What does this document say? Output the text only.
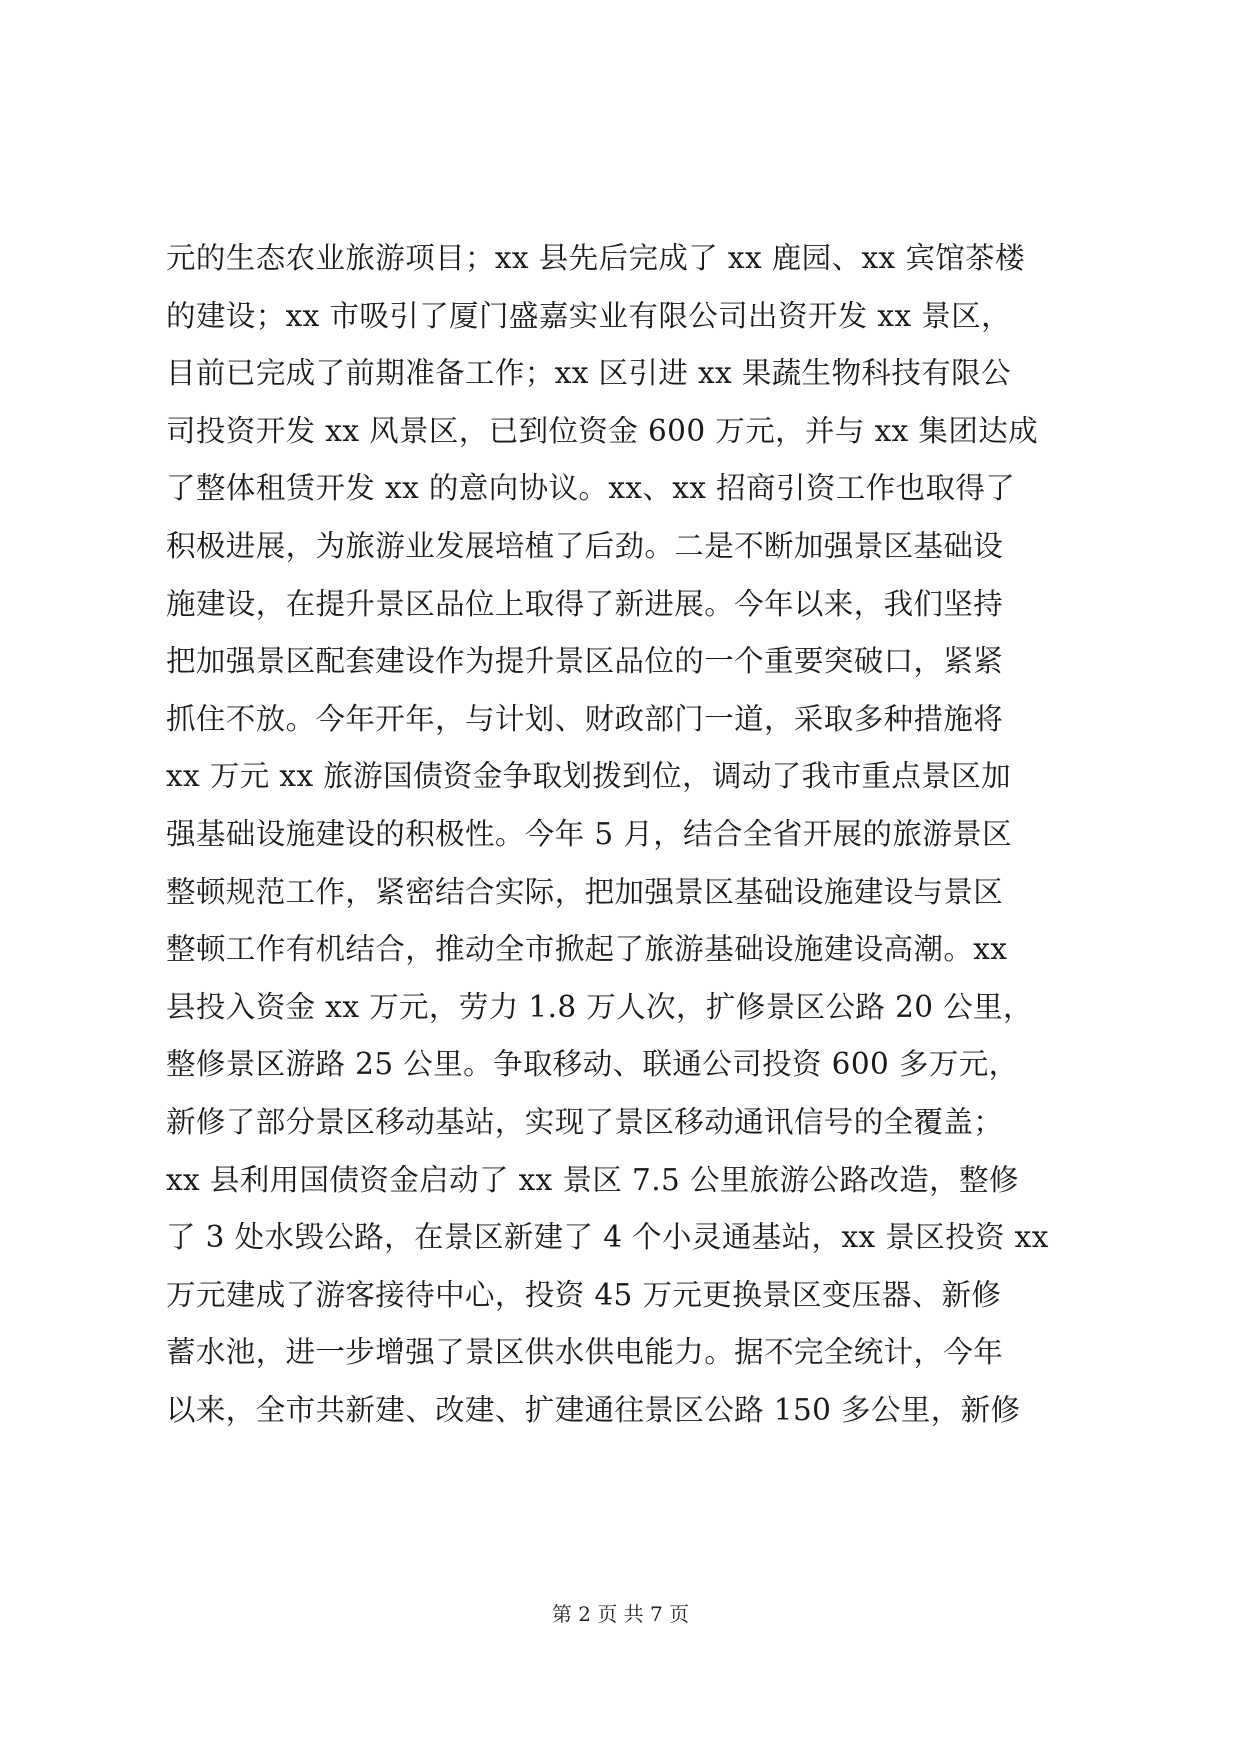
元的生态农业旅游项目；xx 县先后完成了 xx 鹿园、xx 宾馆茶楼
的建设；xx 市吸引了厦门盛嘉实业有限公司出资开发 xx 景区，
目前已完成了前期准备工作；xx 区引进 xx 果蔬生物科技有限公
司投资开发 xx 风景区，已到位资金 600 万元，并与 xx 集团达成
了整体租赁开发 xx 的意向协议。xx、xx 招商引资工作也取得了
积极进展，为旅游业发展培植了后劲。二是不断加强景区基础设
施建设，在提升景区品位上取得了新进展。今年以来，我们坚持
把加强景区配套建设作为提升景区品位的一个重要突破口，紧紧
抓住不放。今年开年，与计划、财政部门一道，采取多种措施将
xx 万元 xx 旅游国债资金争取划拨到位，调动了我市重点景区加
强基础设施建设的积极性。今年 5 月，结合全省开展的旅游景区
整顿规范工作，紧密结合实际，把加强景区基础设施建设与景区
整顿工作有机结合，推动全市掀起了旅游基础设施建设高潮。xx
县投入资金 xx 万元，劳力 1.8 万人次，扩修景区公路 20 公里，
整修景区游路 25 公里。争取移动、联通公司投资 600 多万元，
新修了部分景区移动基站，实现了景区移动通讯信号的全覆盖；
xx 县利用国债资金启动了 xx 景区 7.5 公里旅游公路改造，整修
了 3 处水毁公路，在景区新建了 4 个小灵通基站，xx 景区投资 xx
万元建成了游客接待中心，投资 45 万元更换景区变压器、新修
蓄水池，进一步增强了景区供水供电能力。据不完全统计，今年
以来，全市共新建、改建、扩建通往景区公路 150 多公里，新修
第 2 页 共 7 页
